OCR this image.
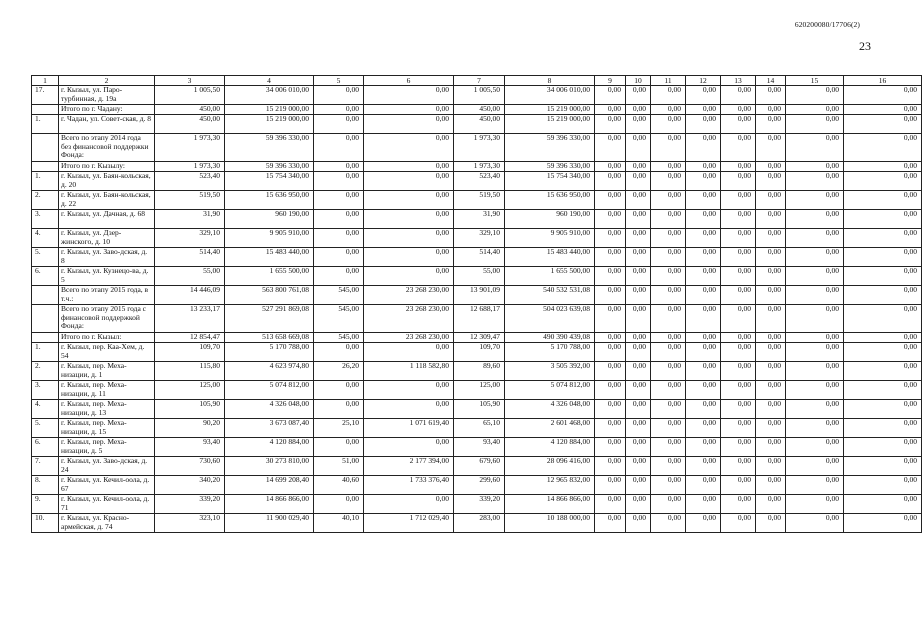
620200080/17706(2)
23
1	2	3	4	5	6	7	8	9	10	11	12	13	14	15	16
17.	г. Кызыл, ул. Паро-турбинная, д. 19а	1 005,50	34 006 010,00	0,00	0,00	1 005,50	34 006 010,00	0,00	0,00	0,00	0,00	0,00	0,00	0,00	0,00
	Итого по г. Чадану:	450,00	15 219 000,00	0,00	0,00	450,00	15 219 000,00	0,00	0,00	0,00	0,00	0,00	0,00	0,00	0,00
1.	г. Чадан, ул. Совет-ская, д. 8	450,00	15 219 000,00	0,00	0,00	450,00	15 219 000,00	0,00	0,00	0,00	0,00	0,00	0,00	0,00	0,00
	Всего по этапу 2014 года без финансовой поддержки Фонда:	1 973,30	59 396 330,00	0,00	0,00	1 973,30	59 396 330,00	0,00	0,00	0,00	0,00	0,00	0,00	0,00	0,00
	Итого по г. Кызылу:	1 973,30	59 396 330,00	0,00	0,00	1 973,30	59 396 330,00	0,00	0,00	0,00	0,00	0,00	0,00	0,00	0,00
1.	г. Кызыл, ул. Баян-кольская, д. 20	523,40	15 754 340,00	0,00	0,00	523,40	15 754 340,00	0,00	0,00	0,00	0,00	0,00	0,00	0,00	0,00
2.	г. Кызыл, ул. Баян-кольская, д. 22	519,50	15 636 950,00	0,00	0,00	519,50	15 636 950,00	0,00	0,00	0,00	0,00	0,00	0,00	0,00	0,00
3.	г. Кызыл, ул. Дачная, д. 68	31,90	960 190,00	0,00	0,00	31,90	960 190,00	0,00	0,00	0,00	0,00	0,00	0,00	0,00	0,00
4.	г. Кызыл, ул. Дзер-жинского, д. 10	329,10	9 905 910,00	0,00	0,00	329,10	9 905 910,00	0,00	0,00	0,00	0,00	0,00	0,00	0,00	0,00
5.	г. Кызыл, ул. Заво-дская, д. 8	514,40	15 483 440,00	0,00	0,00	514,40	15 483 440,00	0,00	0,00	0,00	0,00	0,00	0,00	0,00	0,00
6.	г. Кызыл, ул. Кузнецо-ва, д. 5	55,00	1 655 500,00	0,00	0,00	55,00	1 655 500,00	0,00	0,00	0,00	0,00	0,00	0,00	0,00	0,00
	Всего по этапу 2015 года, в т.ч.:	14 446,09	563 800 761,08	545,00	23 268 230,00	13 901,09	540 532 531,08	0,00	0,00	0,00	0,00	0,00	0,00	0,00	0,00
	Всего по этапу 2015 года с финансовой поддержкой Фонда:	13 233,17	527 291 869,08	545,00	23 268 230,00	12 688,17	504 023 639,08	0,00	0,00	0,00	0,00	0,00	0,00	0,00	0,00
	Итого по г. Кызыл:	12 854,47	513 658 669,08	545,00	23 268 230,00	12 309,47	490 390 439,08	0,00	0,00	0,00	0,00	0,00	0,00	0,00	0,00
1.	г. Кызыл, пер. Каа-Хем, д. 54	109,70	5 170 788,00	0,00	0,00	109,70	5 170 788,00	0,00	0,00	0,00	0,00	0,00	0,00	0,00	0,00
2.	г. Кызыл, пер. Меха-низации, д. 1	115,80	4 623 974,80	26,20	1 118 582,80	89,60	3 505 392,00	0,00	0,00	0,00	0,00	0,00	0,00	0,00	0,00
3.	г. Кызыл, пер. Меха-низации, д. 11	125,00	5 074 812,00	0,00	0,00	125,00	5 074 812,00	0,00	0,00	0,00	0,00	0,00	0,00	0,00	0,00
4.	г. Кызыл, пер. Меха-низации, д. 13	105,90	4 326 048,00	0,00	0,00	105,90	4 326 048,00	0,00	0,00	0,00	0,00	0,00	0,00	0,00	0,00
5.	г. Кызыл, пер. Меха-низации, д. 15	90,20	3 673 087,40	25,10	1 071 619,40	65,10	2 601 468,00	0,00	0,00	0,00	0,00	0,00	0,00	0,00	0,00
6.	г. Кызыл, пер. Меха-низации, д. 5	93,40	4 120 884,00	0,00	0,00	93,40	4 120 884,00	0,00	0,00	0,00	0,00	0,00	0,00	0,00	0,00
7.	г. Кызыл, ул. Заво-дская, д. 24	730,60	30 273 810,00	51,00	2 177 394,00	679,60	28 096 416,00	0,00	0,00	0,00	0,00	0,00	0,00	0,00	0,00
8.	г. Кызыл, ул. Кечил-оола, д. 67	340,20	14 699 208,40	40,60	1 733 376,40	299,60	12 965 832,00	0,00	0,00	0,00	0,00	0,00	0,00	0,00	0,00
9.	г. Кызыл, ул. Кечил-оола, д. 71	339,20	14 866 866,00	0,00	0,00	339,20	14 866 866,00	0,00	0,00	0,00	0,00	0,00	0,00	0,00	0,00
10.	г. Кызыл, ул. Красно-армейская, д. 74	323,10	11 900 029,40	40,10	1 712 029,40	283,00	10 188 000,00	0,00	0,00	0,00	0,00	0,00	0,00	0,00	0,00
